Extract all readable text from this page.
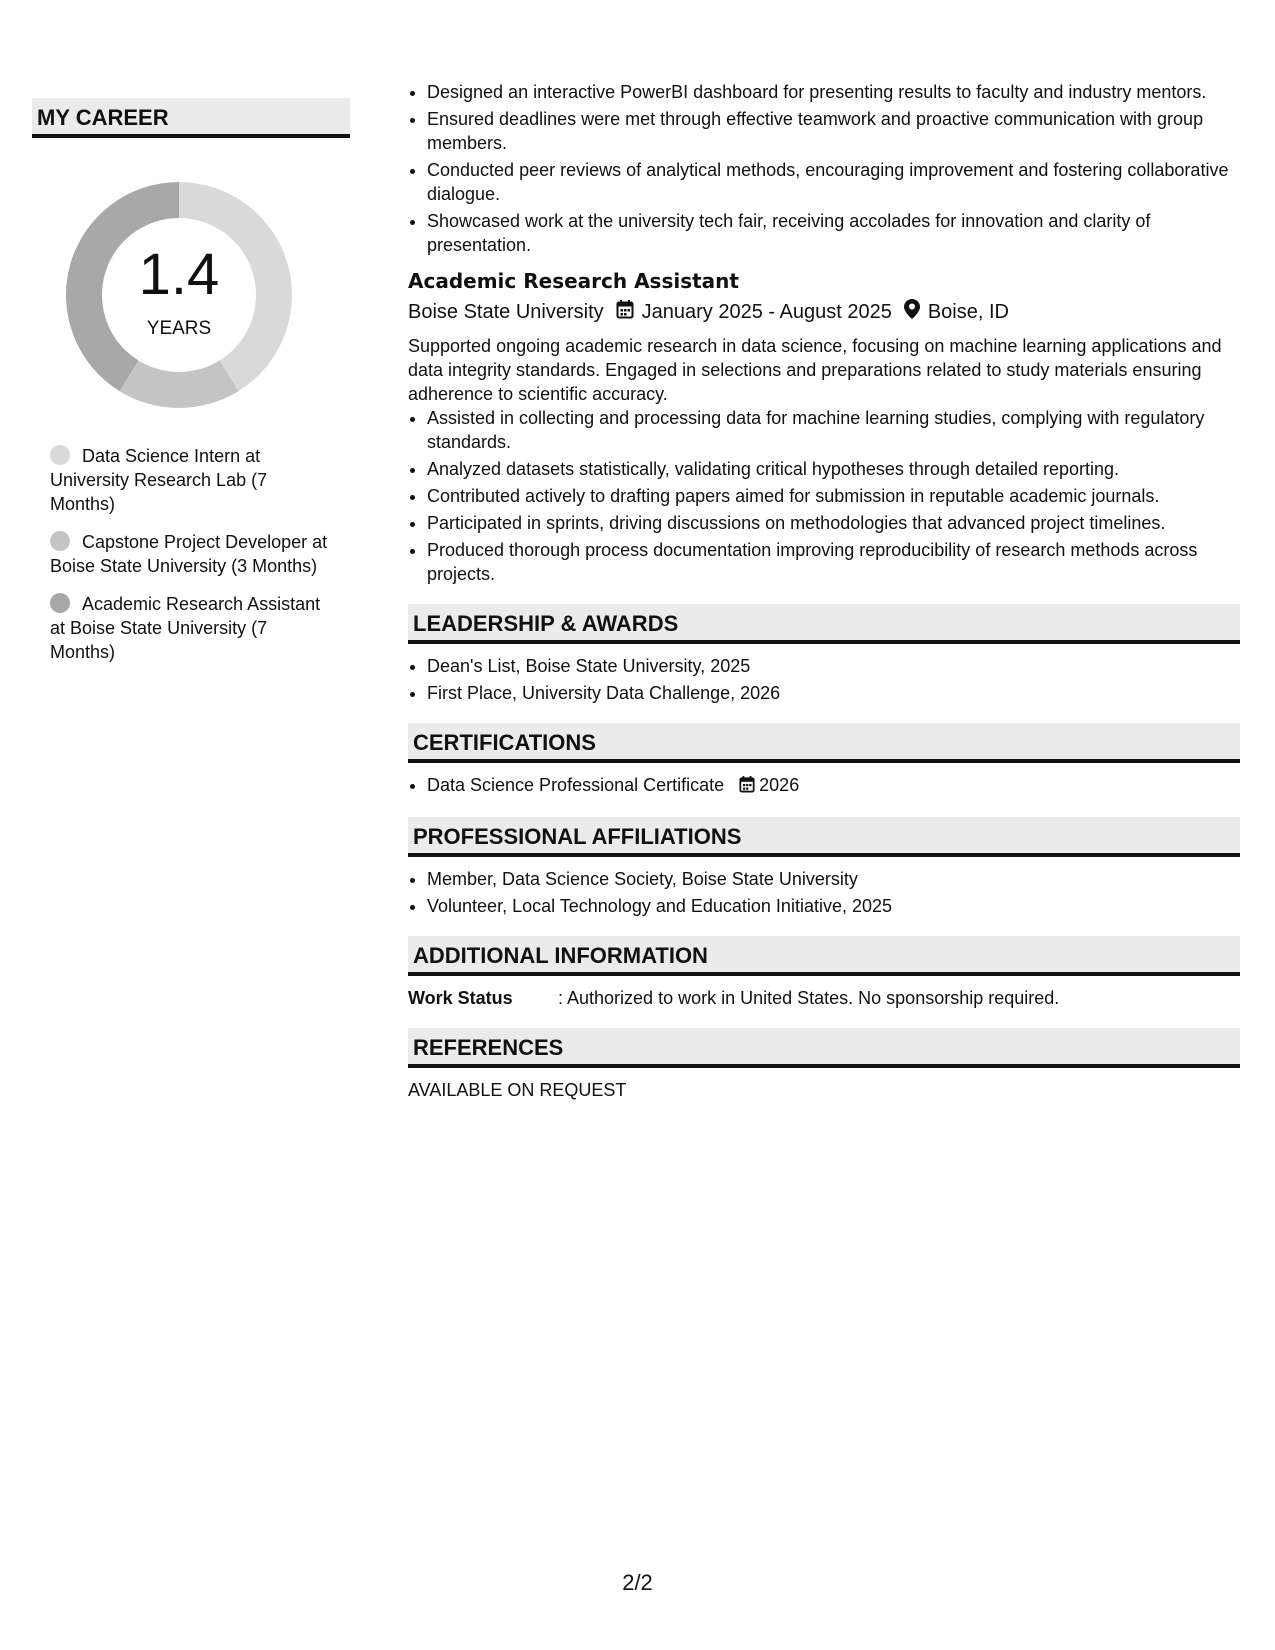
MY CAREER
1.4
YEARS
Data Science Intern at University Research Lab (7 Months)
Capstone Project Developer at Boise State University (3 Months)
Academic Research Assistant at Boise State University (7 Months)
• Designed an interactive PowerBI dashboard for presenting results to faculty and industry mentors.
• Ensured deadlines were met through effective teamwork and proactive communication with group members.
• Conducted peer reviews of analytical methods, encouraging improvement and fostering collaborative dialogue.
• Showcased work at the university tech fair, receiving accolades for innovation and clarity of presentation.
Academic Research Assistant
Boise State University January 2025 - August 2025 Boise, ID
Supported ongoing academic research in data science, focusing on machine learning applications and data integrity standards. Engaged in selections and preparations related to study materials ensuring adherence to scientific accuracy.
• Assisted in collecting and processing data for machine learning studies, complying with regulatory standards.
• Analyzed datasets statistically, validating critical hypotheses through detailed reporting.
• Contributed actively to drafting papers aimed for submission in reputable academic journals.
• Participated in sprints, driving discussions on methodologies that advanced project timelines.
• Produced thorough process documentation improving reproducibility of research methods across projects.
LEADERSHIP & AWARDS
• Dean's List, Boise State University, 2025
• First Place, University Data Challenge, 2026
CERTIFICATIONS
• Data Science Professional Certificate 2026
PROFESSIONAL AFFILIATIONS
• Member, Data Science Society, Boise State University
• Volunteer, Local Technology and Education Initiative, 2025
ADDITIONAL INFORMATION
Work Status	: Authorized to work in United States. No sponsorship required.
REFERENCES
AVAILABLE ON REQUEST
2/2
